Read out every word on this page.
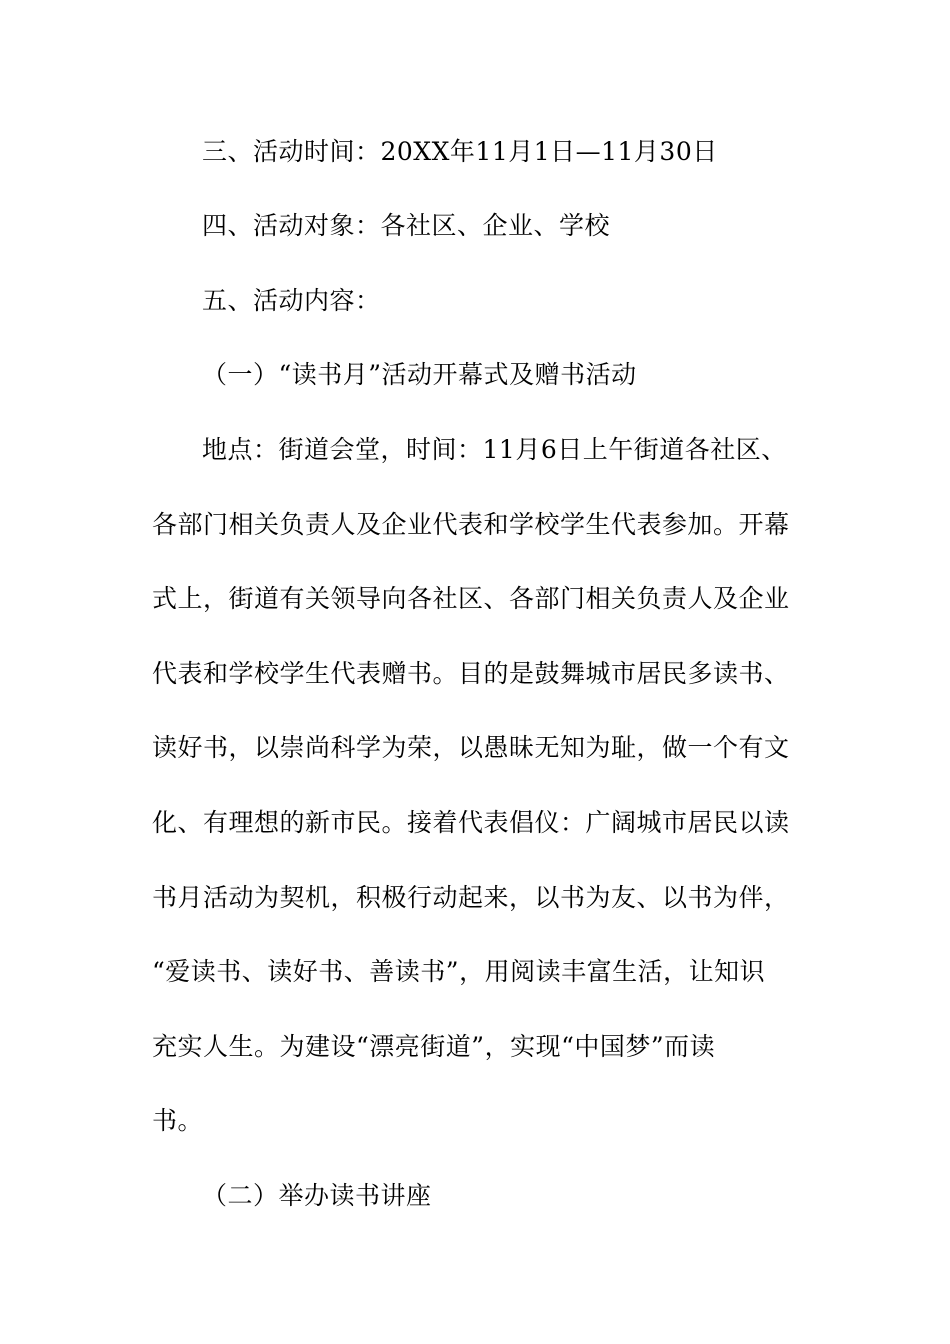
三、活动时间：20XX年11月1日—11月30日
四、活动对象：各社区、企业、学校
五、活动内容：
（一）“读书月”活动开幕式及赠书活动
地点：街道会堂，时间：11月6日上午街道各社区、
各部门相关负责人及企业代表和学校学生代表参加。开幕
式上，街道有关领导向各社区、各部门相关负责人及企业
代表和学校学生代表赠书。目的是鼓舞城市居民多读书、
读好书，以崇尚科学为荣，以愚昧无知为耻，做一个有文
化、有理想的新市民。接着代表倡仪：广阔城市居民以读
书月活动为契机，积极行动起来，以书为友、以书为伴，
“爱读书、读好书、善读书”，用阅读丰富生活，让知识
充实人生。为建设“漂亮街道”，实现“中国梦”而读
书。
（二）举办读书讲座
